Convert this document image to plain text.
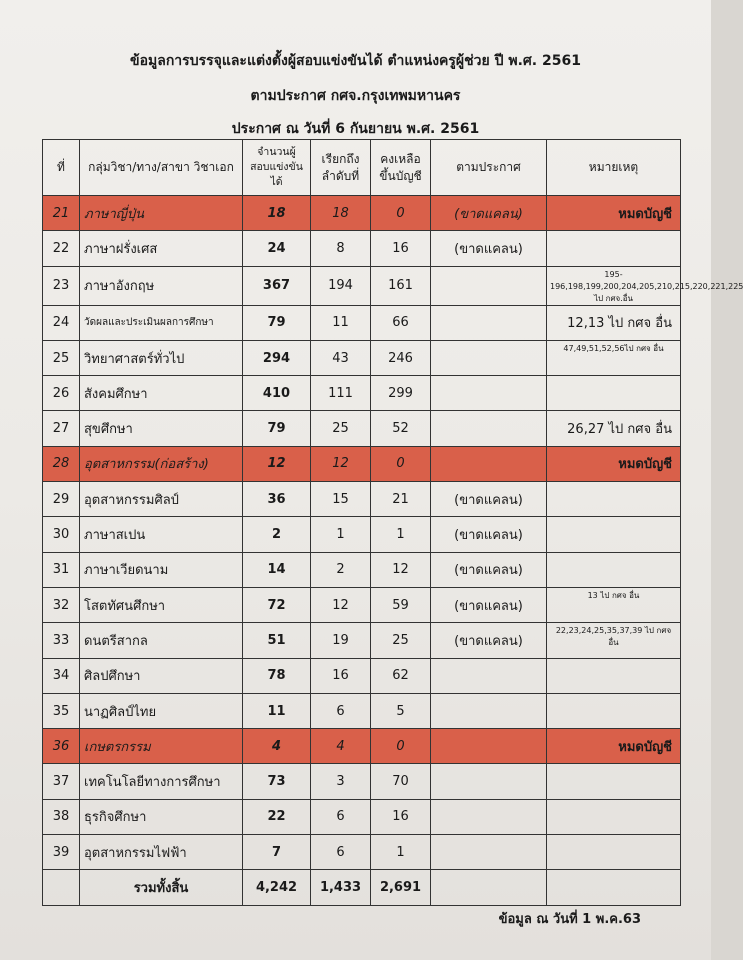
ข้อมูลการบรรจุและแต่งตั้งผู้สอบแข่งขันได้ ตำแหน่งครูผู้ช่วย ปี พ.ศ. 2561
ตามประกาศ กศจ.กรุงเทพมหานคร
ประกาศ ณ วันที่ 6 กันยายน พ.ศ. 2561
ที่	กลุ่มวิชา/ทาง/สาขา วิชาเอก	จำนวนผู้ สอบแข่งขันได้	เรียกถึง ลำดับที่	คงเหลือ ขึ้นบัญชี	ตามประกาศ	หมายเหตุ
21	ภาษาญี่ปุ่น	18	18	0	(ขาดแคลน)	หมดบัญชี
22	ภาษาฝรั่งเศส	24	8	16	(ขาดแคลน)	
23	ภาษาอังกฤษ	367	194	161		195-196,198,199,200,204,205,210,215,220,221,225 ไป กศจ.อื่น
24	วัดผลและประเมินผลการศึกษา	79	11	66		12,13 ไป กศจ อื่น
25	วิทยาศาสตร์ทั่วไป	294	43	246		47,49,51,52,56ไป กศจ อื่น
26	สังคมศึกษา	410	111	299		
27	สุขศึกษา	79	25	52		26,27 ไป กศจ อื่น
28	อุตสาหกรรม(ก่อสร้าง)	12	12	0		หมดบัญชี
29	อุตสาหกรรมศิลป์	36	15	21	(ขาดแคลน)	
30	ภาษาสเปน	2	1	1	(ขาดแคลน)	
31	ภาษาเวียดนาม	14	2	12	(ขาดแคลน)	
32	โสตทัศนศึกษา	72	12	59	(ขาดแคลน)	13 ไป กศจ อื่น
33	ดนตรีสากล	51	19	25	(ขาดแคลน)	22,23,24,25,35,37,39 ไป กศจ อื่น
34	ศิลปศึกษา	78	16	62		
35	นาฏศิลป์ไทย	11	6	5		
36	เกษตรกรรม	4	4	0		หมดบัญชี
37	เทคโนโลยีทางการศึกษา	73	3	70		
38	ธุรกิจศึกษา	22	6	16		
39	อุตสาหกรรมไฟฟ้า	7	6	1		
	รวมทั้งสิ้น	4,242	1,433	2,691		
ข้อมูล ณ วันที่ 1 พ.ค.63
